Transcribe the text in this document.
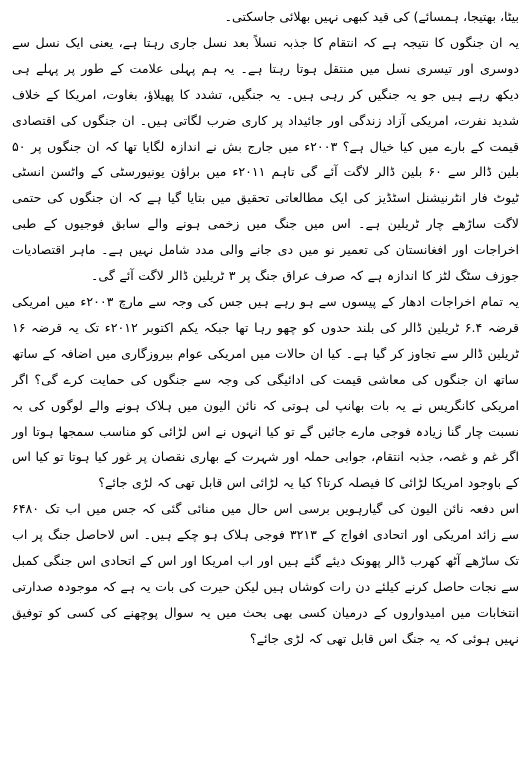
بیٹا، بھتیجا، ہمسائے) کی قید کبھی نہیں بھلائی جاسکتی۔

یہ ان جنگوں کا نتیجہ ہے کہ انتقام کا جذبہ نسلاً بعد نسل جاری رہتا ہے، یعنی ایک نسل سے دوسری اور تیسری نسل میں منتقل ہوتا رہتا ہے۔ یہ ہم پہلی علامت کے طور پر پہلے ہی دیکھ رہے ہیں جو یہ جنگیں کر رہی ہیں۔ یہ جنگیں، تشدد کا پھیلاؤ، بغاوت، امریکا کے خلاف شدید نفرت، امریکی آزاد زندگی اور جائیداد پر کاری ضرب لگاتی ہیں۔ ان جنگوں کی اقتصادی قیمت کے بارے میں کیا خیال ہے؟ ۲۰۰۳ء میں جارج بش نے اندازہ لگایا تھا کہ ان جنگوں پر ۵۰ بلین ڈالر سے ۶۰ بلین ڈالر لاگت آئے گی تاہم ۲۰۱۱ء میں براؤن یونیورسٹی کے واٹسن انسٹی ٹیوٹ فار انٹرنیشنل اسٹڈیز کی ایک مطالعاتی تحقیق میں بتایا گیا ہے کہ ان جنگوں کی حتمی لاگت ساڑھے چار ٹریلین ہے۔ اس میں جنگ میں زخمی ہونے والے سابق فوجیوں کے طبی اخراجات اور افغانستان کی تعمیر نو میں دی جانے والی مدد شامل نہیں ہے۔ ماہر اقتصادیات جوزف سٹگ لٹز کا اندازہ ہے کہ صرف عراق جنگ پر ۳ ٹریلین ڈالر لاگت آئے گی۔

یہ تمام اخراجات ادھار کے پیسوں سے ہو رہے ہیں جس کی وجہ سے مارچ ۲۰۰۳ء میں امریکی قرضہ ۶.۴ ٹریلین ڈالر کی بلند حدوں کو چھو رہا تھا جبکہ یکم اکتوبر ۲۰۱۲ء تک یہ قرضہ ۱۶ ٹریلین ڈالر سے تجاوز کر گیا ہے۔ کیا ان حالات میں امریکی عوام بیروزگاری میں اضافہ کے ساتھ ساتھ ان جنگوں کی معاشی قیمت کی ادائیگی کی وجہ سے جنگوں کی حمایت کرے گی؟ اگر امریکی کانگریس نے یہ بات بھانپ لی ہوتی کہ نائن الیون میں ہلاک ہونے والے لوگوں کی بہ نسبت چار گنا زیادہ فوجی مارے جائیں گے تو کیا انہوں نے اس لڑائی کو مناسب سمجھا ہوتا اور اگر غم و غصہ، جذبہ انتقام، جوابی حملہ اور شہرت کے بھاری نقصان پر غور کیا ہوتا تو کیا اس کے باوجود امریکا لڑائی کا فیصلہ کرتا؟ کیا یہ لڑائی اس قابل تھی کہ لڑی جائے؟

اس دفعہ نائن الیون کی گیارہویں برسی اس حال میں منائی گئی کہ جس میں اب تک ۶۴۸۰ سے زائد امریکی اور اتحادی افواج کے ۳۲۱۳ فوجی ہلاک ہو چکے ہیں۔ اس لاحاصل جنگ پر اب تک ساڑھے آٹھ کھرب ڈالر پھونک دیئے گئے ہیں اور اب امریکا اور اس کے اتحادی اس جنگی کمبل سے نجات حاصل کرنے کیلئے دن رات کوشاں ہیں لیکن حیرت کی بات یہ ہے کہ موجودہ صدارتی انتخابات میں امیدواروں کے درمیان کسی بھی بحث میں یہ سوال پوچھنے کی کسی کو توفیق نہیں ہوئی کہ یہ جنگ اس قابل تھی کہ لڑی جائے؟
